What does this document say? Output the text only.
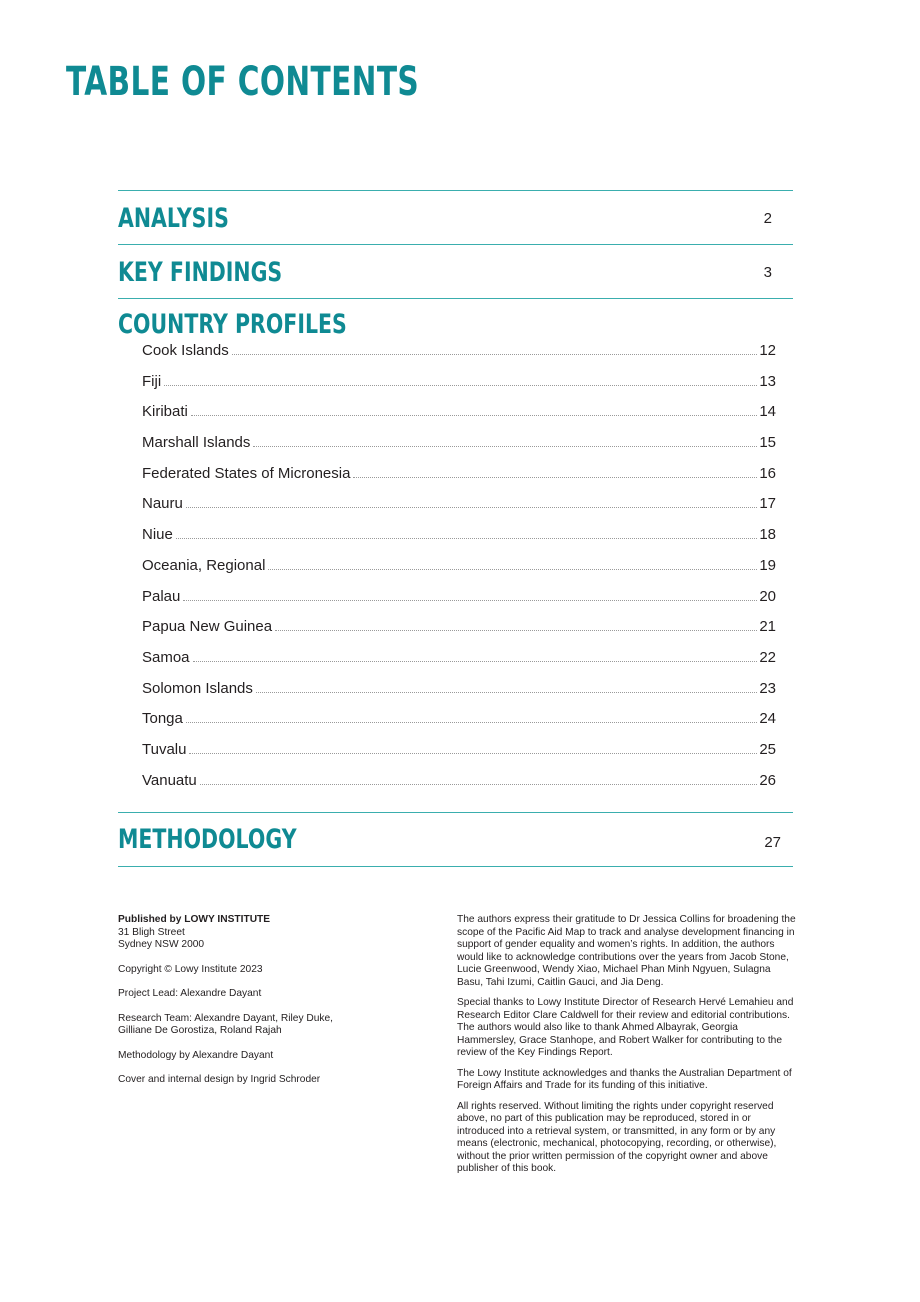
TABLE OF CONTENTS
ANALYSIS	2
KEY FINDINGS	3
COUNTRY PROFILES
Cook Islands	12
Fiji	13
Kiribati	14
Marshall Islands	15
Federated States of Micronesia	16
Nauru	17
Niue	18
Oceania, Regional	19
Palau	20
Papua New Guinea	21
Samoa	22
Solomon Islands	23
Tonga	24
Tuvalu	25
Vanuatu	26
METHODOLOGY	27

Published by LOWY INSTITUTE
31 Bligh Street
Sydney NSW 2000

Copyright © Lowy Institute 2023

Project Lead: Alexandre Dayant

Research Team: Alexandre Dayant, Riley Duke, Gilliane De Gorostiza, Roland Rajah

Methodology by Alexandre Dayant

Cover and internal design by Ingrid Schroder

The authors express their gratitude to Dr Jessica Collins for broadening the scope of the Pacific Aid Map to track and analyse development financing in support of gender equality and women’s rights. In addition, the authors would like to acknowledge contributions over the years from Jacob Stone, Lucie Greenwood, Wendy Xiao, Michael Phan Minh Ngyuen, Sulagna Basu, Tahi Izumi, Caitlin Gauci, and Jia Deng.

Special thanks to Lowy Institute Director of Research Hervé Lemahieu and Research Editor Clare Caldwell for their review and editorial contributions. The authors would also like to thank Ahmed Albayrak, Georgia Hammersley, Grace Stanhope, and Robert Walker for contributing to the review of the Key Findings Report.

The Lowy Institute acknowledges and thanks the Australian Department of Foreign Affairs and Trade for its funding of this initiative.

All rights reserved. Without limiting the rights under copyright reserved above, no part of this publication may be reproduced, stored in or introduced into a retrieval system, or transmitted, in any form or by any means (electronic, mechanical, photocopying, recording, or otherwise), without the prior written permission of the copyright owner and above publisher of this book.
